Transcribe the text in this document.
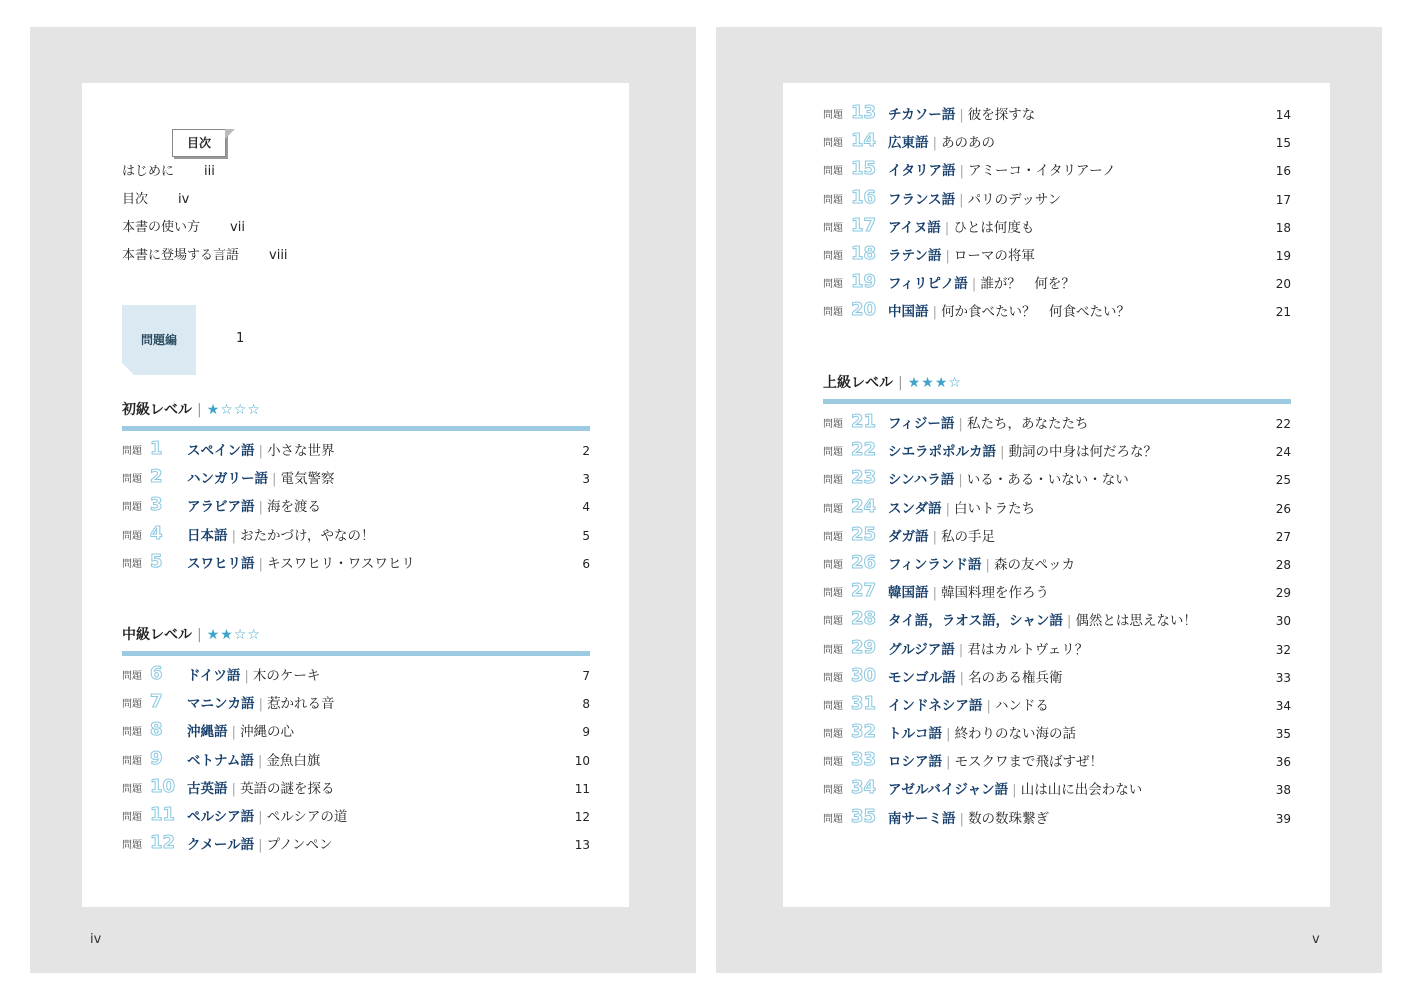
目次
はじめに iii
目次 iv
本書の使い方 vii
本書に登場する言語 viii
問題編	1
初級レベル | ★☆☆☆
問題 1	スペイン語 | 小さな世界	2
問題 2	ハンガリー語 | 電気警察	3
問題 3	アラビア語 | 海を渡る	4
問題 4	日本語 | おたかづけ，やなの！	5
問題 5	スワヒリ語 | キスワヒリ・ワスワヒリ	6
中級レベル | ★★☆☆
問題 6	ドイツ語 | 木のケーキ	7
問題 7	マニンカ語 | 惹かれる音	8
問題 8	沖縄語 | 沖縄の心	9
問題 9	ベトナム語 | 金魚白旗	10
問題 10 古英語 | 英語の謎を探る	11
問題 11 ペルシア語 | ペルシアの道	12
問題 12 クメール語 | プノンペン	13
iv
問題 13 チカソー語 | 彼を探すな	14
問題 14 広東語 | あのあの	15
問題 15 イタリア語 | アミーコ・イタリアーノ	16
問題 16 フランス語 | パリのデッサン	17
問題 17 アイヌ語 | ひとは何度も	18
問題 18 ラテン語 | ローマの将軍	19
問題 19 フィリピノ語 | 誰が？　何を？	20
問題 20 中国語 | 何か食べたい？　何食べたい？	21
上級レベル | ★★★☆
問題 21 フィジー語 | 私たち，あなたたち	22
問題 22 シエラポポルカ語 | 動詞の中身は何だろな？	24
問題 23 シンハラ語 | いる・ある・いない・ない	25
問題 24 スンダ語 | 白いトラたち	26
問題 25 ダガ語 | 私の手足	27
問題 26 フィンランド語 | 森の友ペッカ	28
問題 27 韓国語 | 韓国料理を作ろう	29
問題 28 タイ語，ラオス語，シャン語 | 偶然とは思えない！	30
問題 29 グルジア語 | 君はカルトヴェリ？	32
問題 30 モンゴル語 | 名のある権兵衛	33
問題 31 インドネシア語 | ハンドる	34
問題 32 トルコ語 | 終わりのない海の話	35
問題 33 ロシア語 | モスクワまで飛ばすぜ！	36
問題 34 アゼルバイジャン語 | 山は山に出会わない	38
問題 35 南サーミ語 | 数の数珠繋ぎ	39
v
